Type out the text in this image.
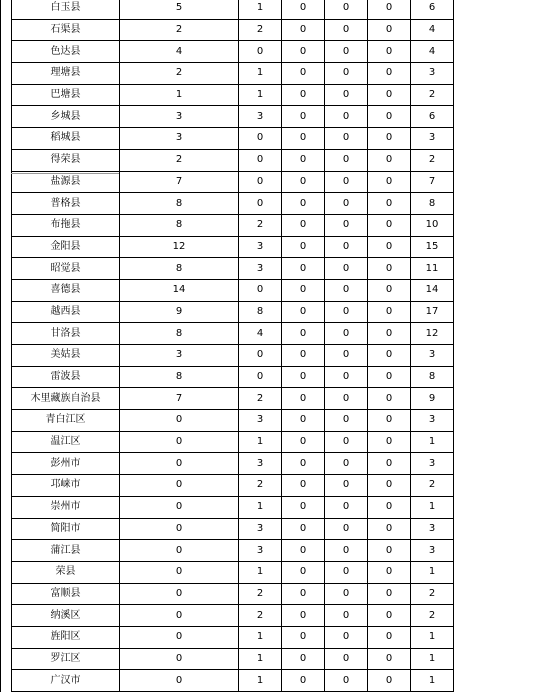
	白玉县	5	1	0	0	0	6
	石渠县	2	2	0	0	0	4
	色达县	4	0	0	0	0	4
	理塘县	2	1	0	0	0	3
	巴塘县	1	1	0	0	0	2
	乡城县	3	3	0	0	0	6
	稻城县	3	0	0	0	0	3
	得荣县	2	0	0	0	0	2
	盐源县	7	0	0	0	0	7
	普格县	8	0	0	0	0	8
	布拖县	8	2	0	0	0	10
	金阳县	12	3	0	0	0	15
	昭觉县	8	3	0	0	0	11
	喜德县	14	0	0	0	0	14
	越西县	9	8	0	0	0	17
	甘洛县	8	4	0	0	0	12
	美姑县	3	0	0	0	0	3
	雷波县	8	0	0	0	0	8
	木里藏族自治县	7	2	0	0	0	9
	青白江区	0	3	0	0	0	3
	温江区	0	1	0	0	0	1
	彭州市	0	3	0	0	0	3
	邛崃市	0	2	0	0	0	2
	崇州市	0	1	0	0	0	1
	简阳市	0	3	0	0	0	3
	蒲江县	0	3	0	0	0	3
	荣县	0	1	0	0	0	1
	富顺县	0	2	0	0	0	2
	纳溪区	0	2	0	0	0	2
	旌阳区	0	1	0	0	0	1
	罗江区	0	1	0	0	0	1
	广汉市	0	1	0	0	0	1
